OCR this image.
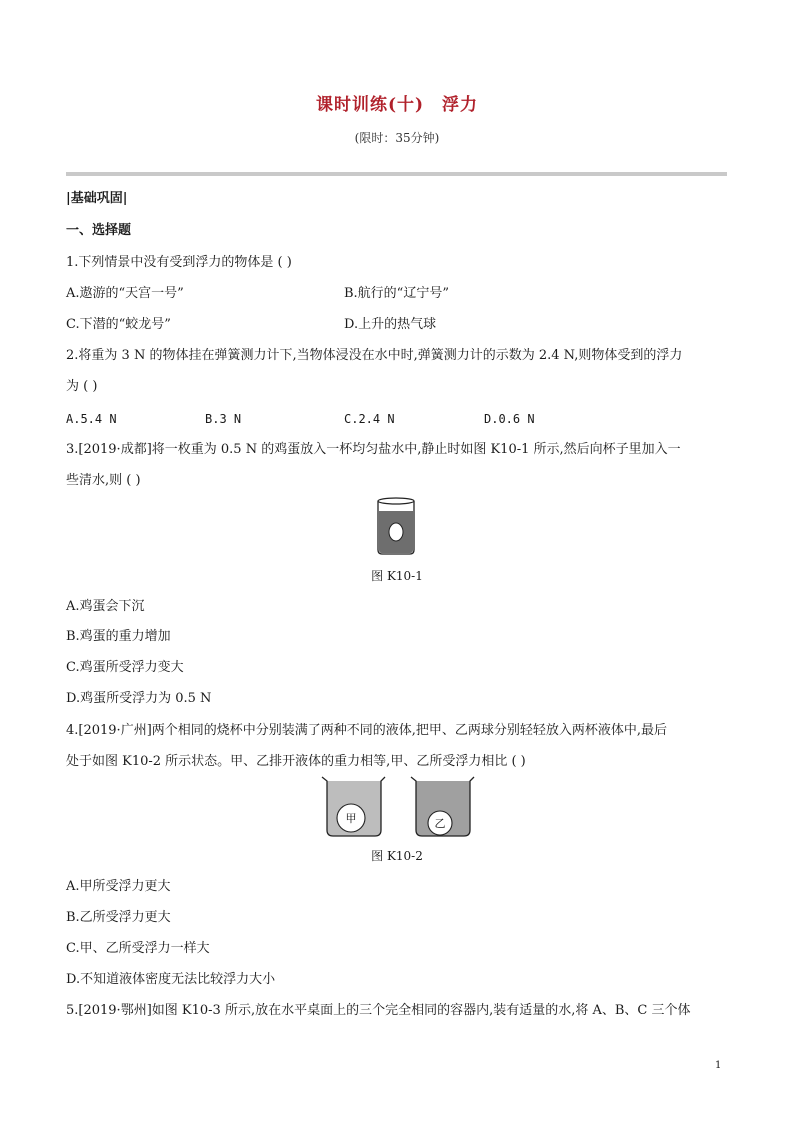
课时训练(十) 浮力
(限时：35分钟)
|基础巩固|
一、选择题
1.下列情景中没有受到浮力的物体是 ( )
A.遨游的“天宫一号”	B.航行的“辽宁号”
C.下潜的“蛟龙号”	D.上升的热气球
2.将重为 3 N 的物体挂在弹簧测力计下,当物体浸没在水中时,弹簧测力计的示数为 2.4 N,则物体受到的浮力
为 ( )
A.5.4 N	B.3 N	C.2.4 N	D.0.6 N
3.[2019·成都]将一枚重为 0.5 N 的鸡蛋放入一杯均匀盐水中,静止时如图 K10-1 所示,然后向杯子里加入一
些清水,则 ( )
图 K10-1
A.鸡蛋会下沉
B.鸡蛋的重力增加
C.鸡蛋所受浮力变大
D.鸡蛋所受浮力为 0.5 N
4.[2019·广州]两个相同的烧杯中分别装满了两种不同的液体,把甲、乙两球分别轻轻放入两杯液体中,最后
处于如图 K10-2 所示状态。甲、乙排开液体的重力相等,甲、乙所受浮力相比 ( )
甲	乙
图 K10-2
A.甲所受浮力更大
B.乙所受浮力更大
C.甲、乙所受浮力一样大
D.不知道液体密度无法比较浮力大小
5.[2019·鄂州]如图 K10-3 所示,放在水平桌面上的三个完全相同的容器内,装有适量的水,将 A、B、C 三个体
1
